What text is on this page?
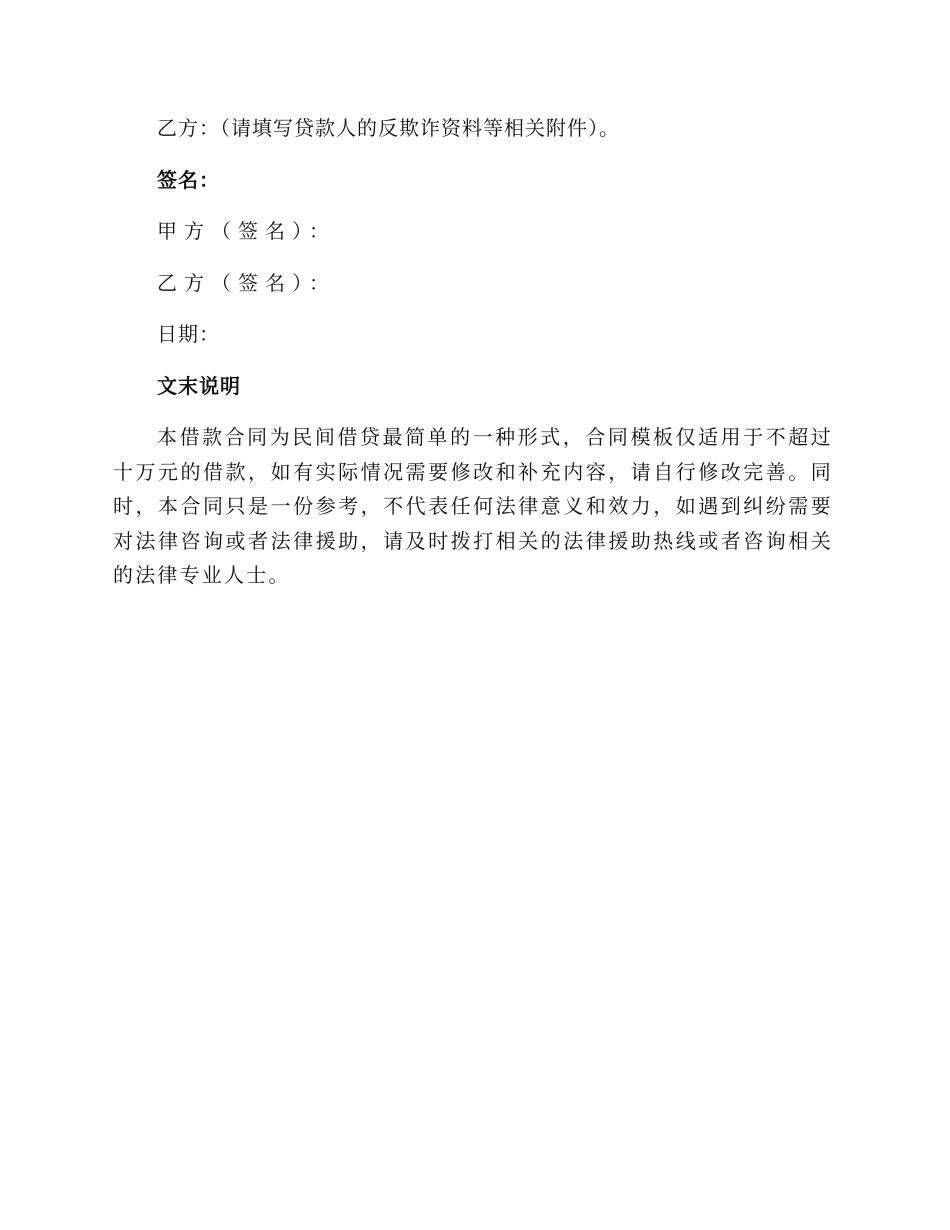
乙方：（请填写贷款人的反欺诈资料等相关附件）。
签名：
甲方（签名）：
乙方（签名）：
日期：
文末说明
本借款合同为民间借贷最简单的一种形式，合同模板仅适用于不超过十万元的借款，如有实际情况需要修改和补充内容，请自行修改完善。同时，本合同只是一份参考，不代表任何法律意义和效力，如遇到纠纷需要对法律咨询或者法律援助，请及时拨打相关的法律援助热线或者咨询相关的法律专业人士。
